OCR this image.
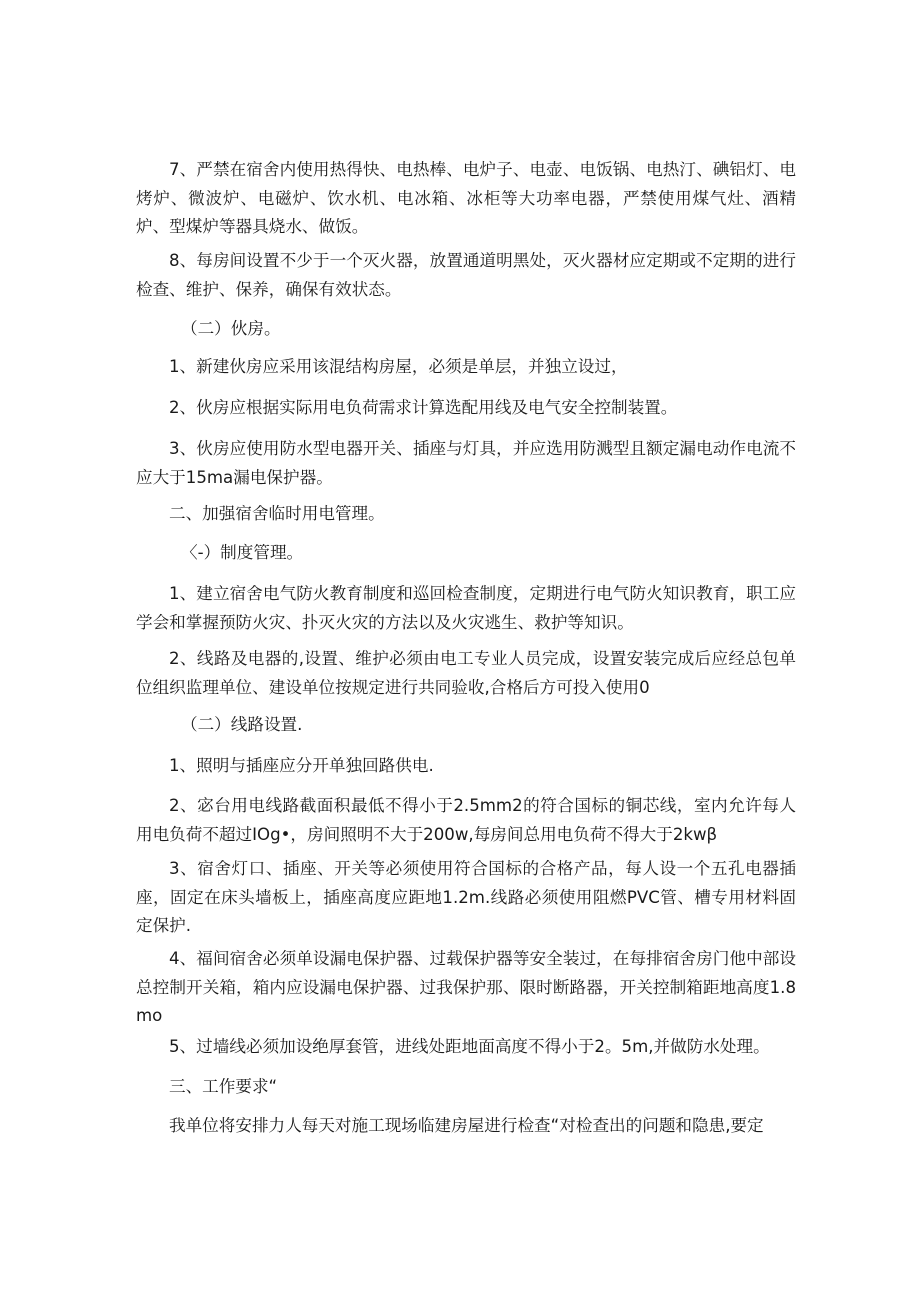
7、严禁在宿舍内使用热得快、电热棒、电炉子、电壶、电饭锅、电热汀、碘铝灯、电烤炉、微波炉、电磁炉、饮水机、电冰箱、冰柜等大功率电器，严禁使用煤气灶、酒精炉、型煤炉等器具烧水、做饭。

8、每房间设置不少于一个灭火器，放置通道明黑处，灭火器材应定期或不定期的进行检查、维护、保养，确保有效状态。

（二）伙房。

1、新建伙房应采用该混结构房屋，必须是单层，并独立设过，

2、伙房应根据实际用电负荷需求计算选配用线及电气安全控制装置。

3、伙房应使用防水型电器开关、插座与灯具，并应选用防溅型且额定漏电动作电流不应大于15ma漏电保护器。

二、加强宿舍临时用电管理。

〈-）制度管理。

1、建立宿舍电气防火教育制度和巡回检查制度，定期进行电气防火知识教育，职工应学会和掌握预防火灾、扑灭火灾的方法以及火灾逃生、救护等知识。

2、线路及电器的,设置、维护必须由电工专业人员完成，设置安装完成后应经总包单位组织监理单位、建设单位按规定进行共同验收,合格后方可投入使用0

（二）线路设置.

1、照明与插座应分开单独回路供电.

2、宓台用电线路截面积最低不得小于2.5mm2的符合国标的铜芯线，室内允许每人用电负荷不超过IOg•，房间照明不大于200w,每房间总用电负荷不得大于2kwβ

3、宿舍灯口、插座、开关等必须使用符合国标的合格产品，每人设一个五孔电器插座，固定在床头墙板上，插座高度应距地1.2m.线路必须使用阻燃PVC管、槽专用材料固定保护.

4、福间宿舍必须单设漏电保护器、过载保护器等安全装过，在每排宿舍房门他中部设总控制开关箱，箱内应设漏电保护器、过我保护那、限时断路器，开关控制箱距地高度1.8mo

5、过墙线必须加设绝厚套管，进线处距地面高度不得小于2。5m,并做防水处理。

三、工作要求“

我单位将安排力人每天对施工现场临建房屋进行检查“对检查出的问题和隐患,要定
